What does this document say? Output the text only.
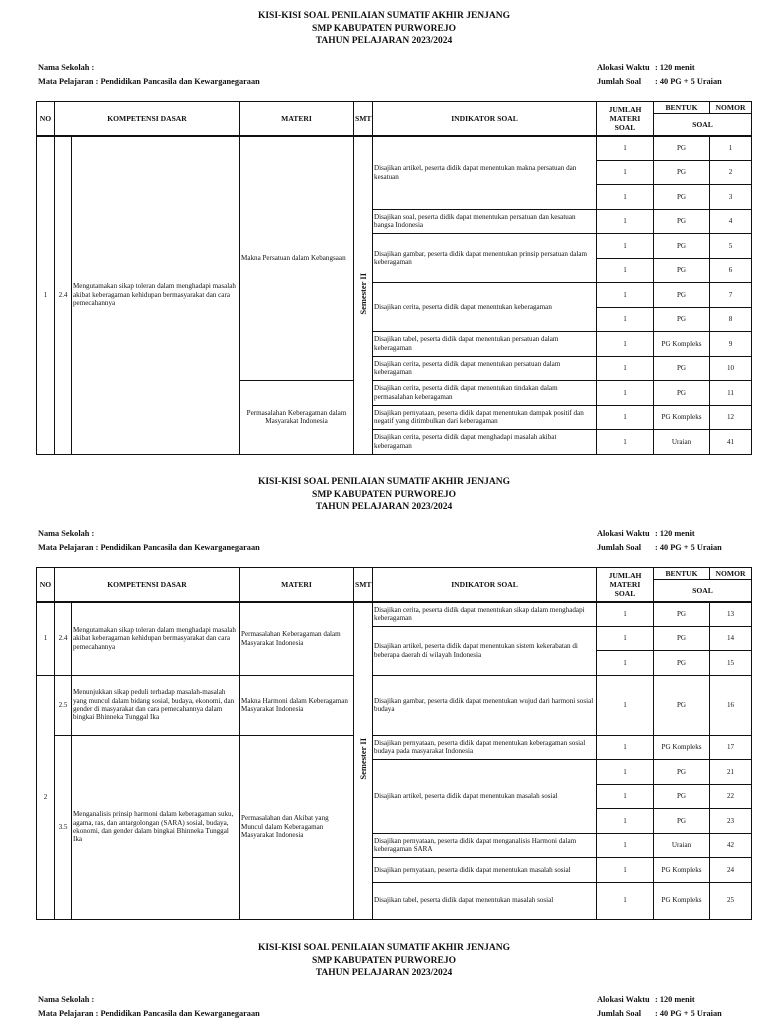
KISI-KISI SOAL PENILAIAN SUMATIF AKHIR JENJANG
SMP KABUPATEN PURWOREJO
TAHUN PELAJARAN 2023/2024
Nama Sekolah :
Mata Pelajaran : Pendidikan Pancasila dan Kewarganegaraan
Alokasi Waktu : 120 menit
Jumlah Soal : 40 PG + 5 Uraian
NO	KOMPETENSI DASAR		MATERI	SMT	INDIKATOR SOAL	JUMLAH
MATERI
SOAL	BENTUK	NOMOR
							SOAL	
1	2.4	Mengutamakan sikap toleran dalam menghadapi masalah akibat keberagaman kehidupan bermasyarakat dan cara pemecahannya	Makna Persatuan dalam Kebangsaan	Semester II	Disajikan artikel, peserta didik dapat menentukan makna persatuan dan kesatuan	1	PG	1
						1	PG	2
						1	PG	3
					Disajikan soal, peserta didik dapat menentukan persatuan dan kesatuan bangsa Indonesia	1	PG	4
					Disajikan gambar, peserta didik dapat menentukan prinsip persatuan dalam keberagaman	1	PG	5
						1	PG	6
					Disajikan cerita, peserta didik dapat menentukan keberagaman	1	PG	7
						1	PG	8
					Disajikan tabel, peserta didik dapat menentukan persatuan dalam keberagaman	1	PG Kompleks	9
					Disajikan cerita, peserta didik dapat menentukan persatuan dalam keberagaman	1	PG	10
			Permasalahan Keberagaman dalam Masyarakat Indonesia		Disajikan cerita, peserta didik dapat menentukan tindakan dalam permasalahan keberagaman	1	PG	11
					Disajikan pernyataan, peserta didik dapat menentukan dampak positif dan negatif yang ditimbulkan dari keberagaman	1	PG Kompleks	12
					Disajikan cerita, peserta didik dapat menghadapi masalah akibat keberagaman	1	Uraian	41
KISI-KISI SOAL PENILAIAN SUMATIF AKHIR JENJANG
SMP KABUPATEN PURWOREJO
TAHUN PELAJARAN 2023/2024
Nama Sekolah :
Mata Pelajaran : Pendidikan Pancasila dan Kewarganegaraan
Alokasi Waktu : 120 menit
Jumlah Soal : 40 PG + 5 Uraian
NO	KOMPETENSI DASAR		MATERI	SMT	INDIKATOR SOAL	JUMLAH
MATERI
SOAL	BENTUK	NOMOR
							SOAL	
1	2.4	Mengutamakan sikap toleran dalam menghadapi masalah akibat keberagaman kehidupan bermasyarakat dan cara pemecahannya	Permasalahan Keberagaman dalam Masyarakat Indonesia	Semester II	Disajikan cerita, peserta didik dapat menentukan sikap dalam menghadapi keberagaman	1	PG	13
					Disajikan artikel, peserta didik dapat menentukan sistem kekerabatan di beberapa daerah di wilayah Indonesia	1	PG	14
						1	PG	15
2	2.5	Menunjukkan sikap peduli terhadap masalah-masalah yang muncul dalam bidang sosial, budaya, ekonomi, dan gender di masyarakat dan cara pemecahannya dalam bingkai Bhinneka Tunggal Ika	Makna Harmoni dalam Keberagaman Masyarakat Indonesia		Disajikan gambar, peserta didik dapat menentukan wujud dari harmoni sosial budaya	1	PG	16
	3.5	Menganalisis prinsip harmoni dalam keberagaman suku, agama, ras, dan antargolongan (SARA) sosial, budaya, ekonomi, dan gender dalam bingkai Bhinneka Tunggal Ika	Permasalahan dan Akibat yang Muncul dalam Keberagaman Masyarakat Indonesia		Disajikan pernyataan, peserta didik dapat menentukan keberagaman sosial budaya pada masyarakat Indonesia	1	PG Kompleks	17
					Disajikan artikel, peserta didik dapat menentukan masalah sosial	1	PG	21
						1	PG	22
						1	PG	23
					Disajikan pernyataan, peserta didik dapat menganalisis Harmoni dalam keberagaman SARA	1	Uraian	42
					Disajikan pernyataan, peserta didik dapat menentukan masalah sosial	1	PG Kompleks	24
					Disajikan tabel, peserta didik dapat menentukan masalah sosial	1	PG Kompleks	25
KISI-KISI SOAL PENILAIAN SUMATIF AKHIR JENJANG
SMP KABUPATEN PURWOREJO
TAHUN PELAJARAN 2023/2024
Nama Sekolah :
Mata Pelajaran : Pendidikan Pancasila dan Kewarganegaraan
Alokasi Waktu : 120 menit
Jumlah Soal : 40 PG + 5 Uraian
